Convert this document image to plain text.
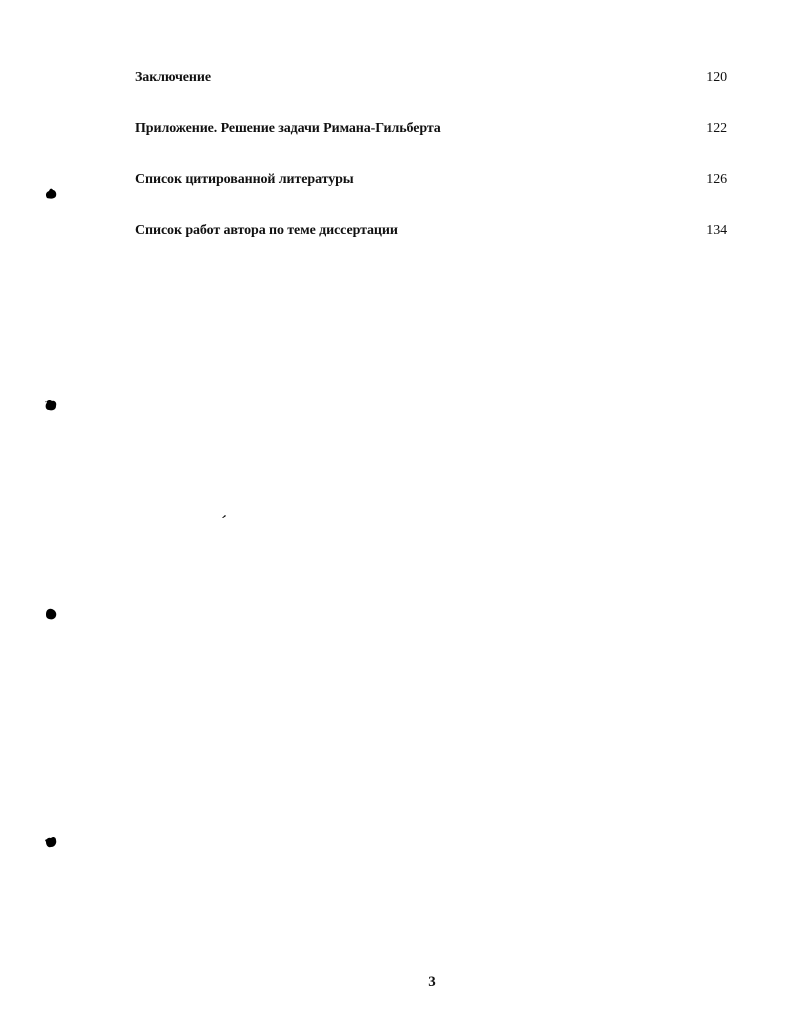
Заключение	120
Приложение. Решение задачи Римана-Гильберта	122
Список цитированной литературы	126
Список работ автора по теме диссертации	134
3
